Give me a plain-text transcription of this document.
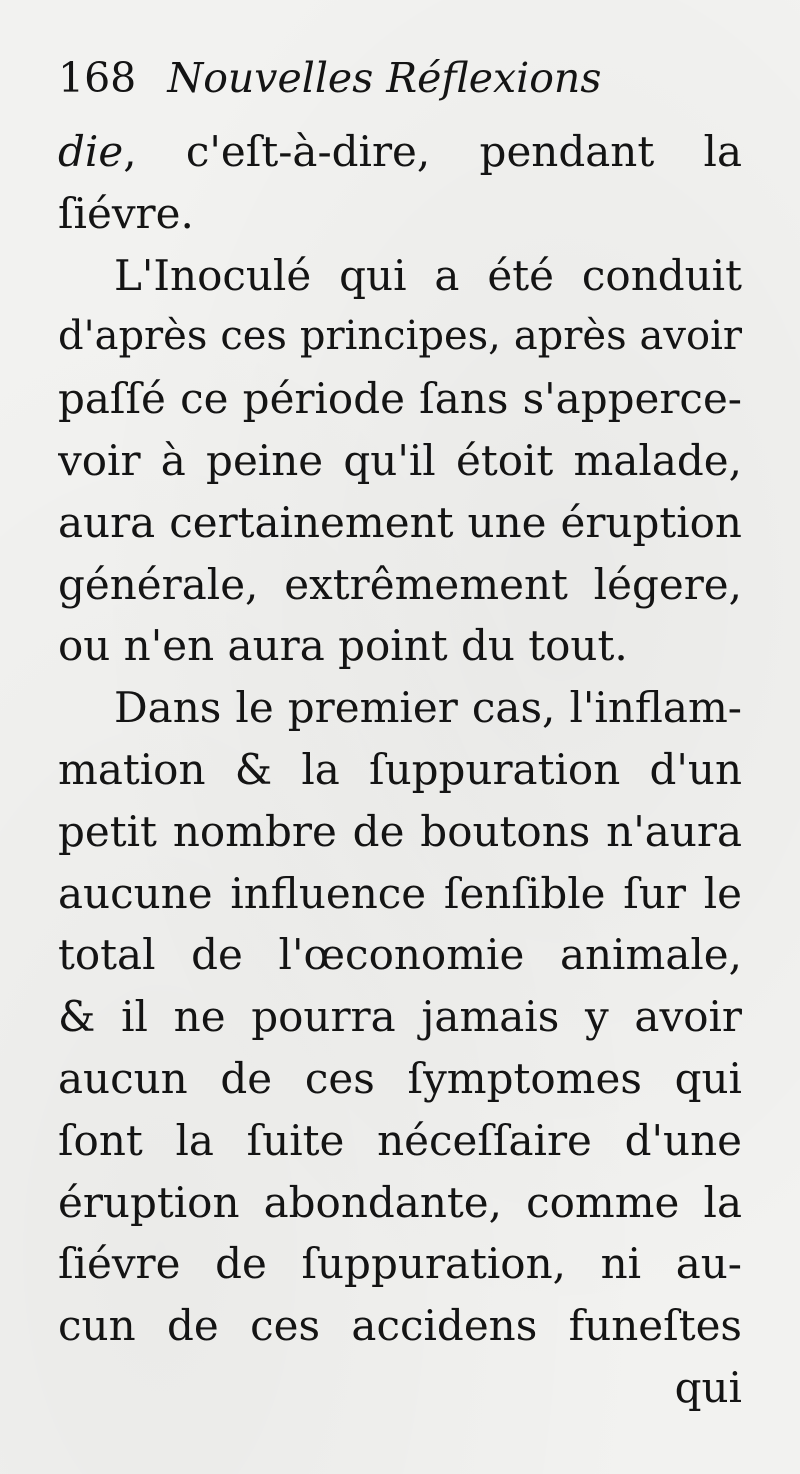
168 Nouvelles Réflexions
die, c'eſt-à-dire, pendant la
ſiévre.
L'Inoculé qui a été conduit
d'après ces principes, après avoir
paſſé ce période ſans s'apperce-
voir à peine qu'il étoit malade,
aura certainement une éruption
générale, extrêmement légere,
ou n'en aura point du tout.
Dans le premier cas, l'inflam-
mation & la ſuppuration d'un
petit nombre de boutons n'aura
aucune influence ſenſible ſur le
total de l'œconomie animale,
& il ne pourra jamais y avoir
aucun de ces ſymptomes qui
ſont la ſuite néceſſaire d'une
éruption abondante, comme la
ſiévre de ſuppuration, ni au-
cun de ces accidens funeſtes
qui
